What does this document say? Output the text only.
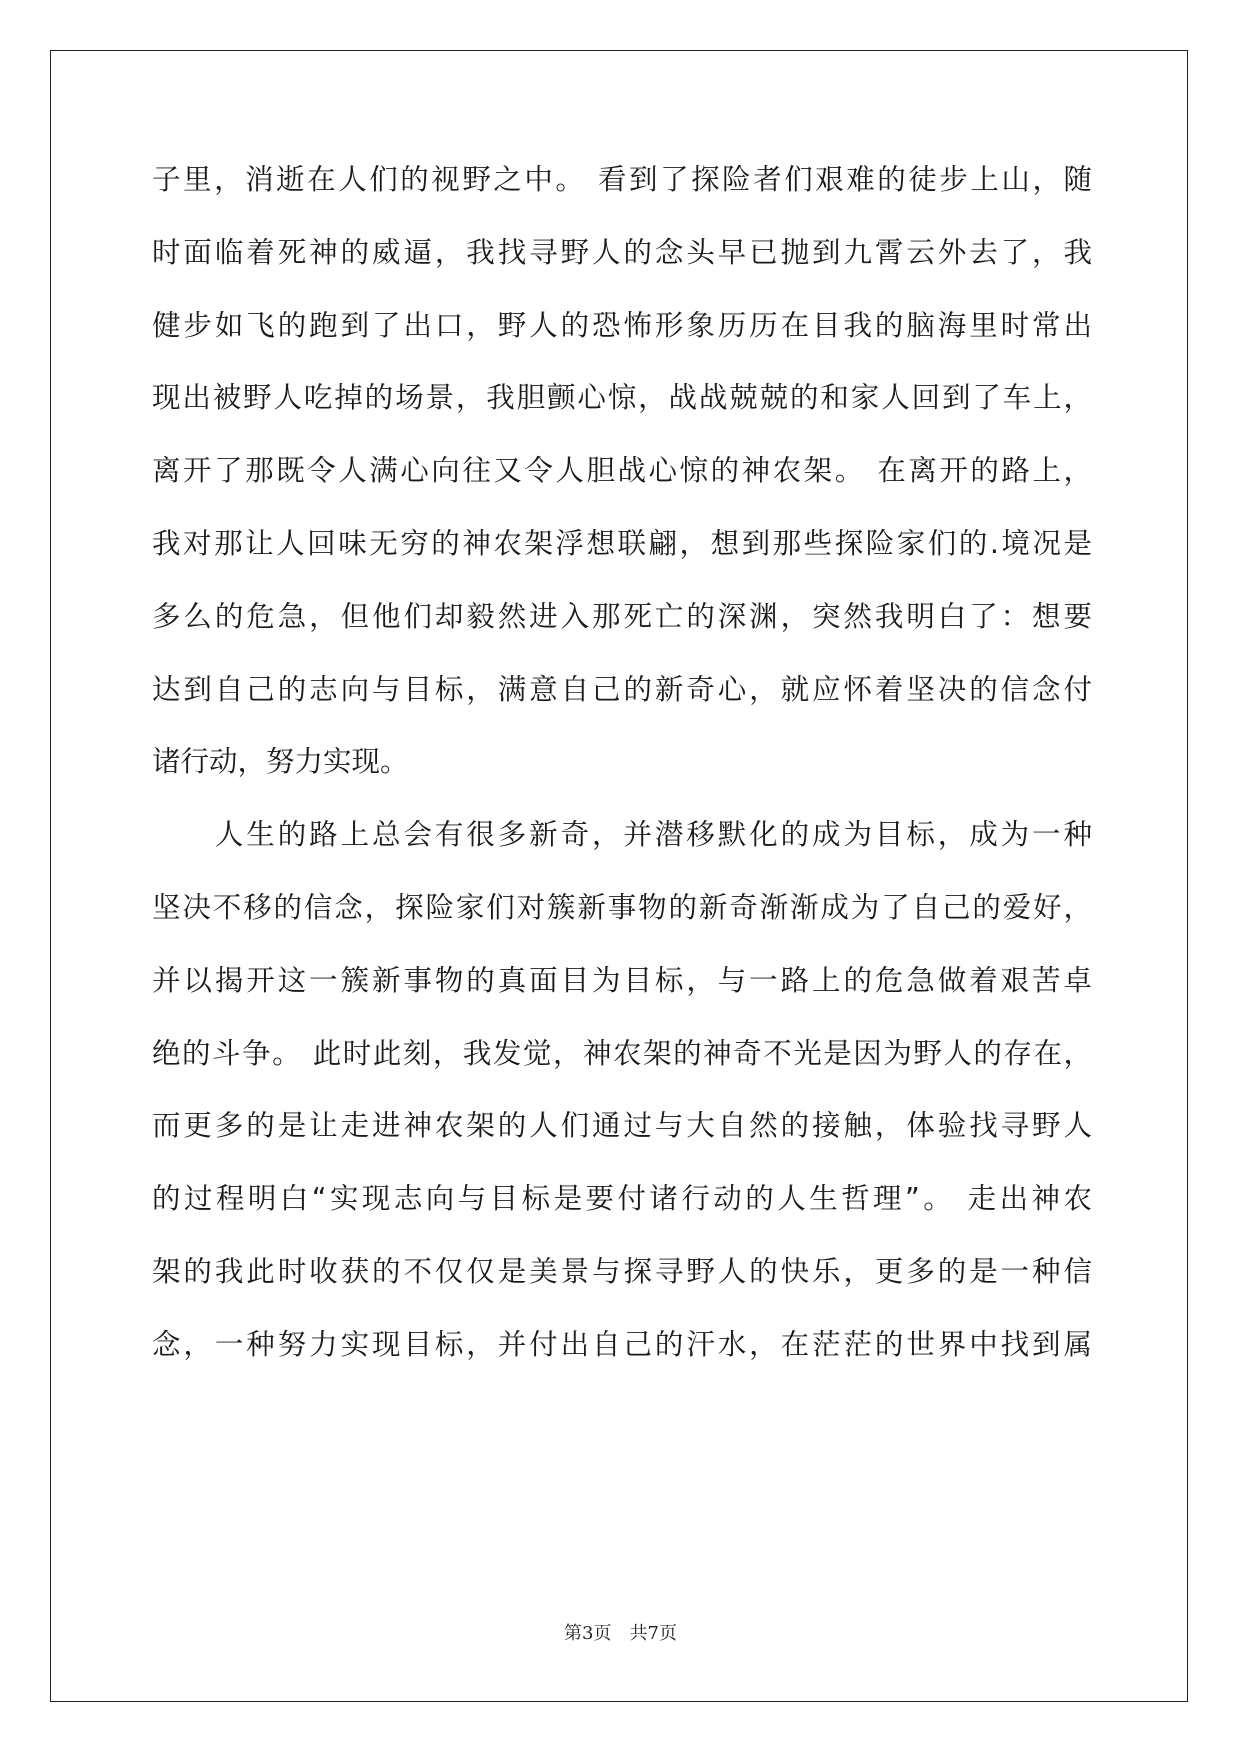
子里，消逝在人们的视野之中。 看到了探险者们艰难的徒步上山，随
时面临着死神的威逼，我找寻野人的念头早已抛到九霄云外去了，我
健步如飞的跑到了出口，野人的恐怖形象历历在目我的脑海里时常出
现出被野人吃掉的场景，我胆颤心惊，战战兢兢的和家人回到了车上，
离开了那既令人满心向往又令人胆战心惊的神农架。 在离开的路上，
我对那让人回味无穷的神农架浮想联翩，想到那些探险家们的.境况是
多么的危急，但他们却毅然进入那死亡的深渊，突然我明白了：想要
达到自己的志向与目标，满意自己的新奇心，就应怀着坚决的信念付
诸行动，努力实现。
　　人生的路上总会有很多新奇，并潜移默化的成为目标，成为一种
坚决不移的信念，探险家们对簇新事物的新奇渐渐成为了自己的爱好，
并以揭开这一簇新事物的真面目为目标，与一路上的危急做着艰苦卓
绝的斗争。 此时此刻，我发觉，神农架的神奇不光是因为野人的存在，
而更多的是让走进神农架的人们通过与大自然的接触，体验找寻野人
的过程明白“实现志向与目标是要付诸行动的人生哲理”。 走出神农
架的我此时收获的不仅仅是美景与探寻野人的快乐，更多的是一种信
念，一种努力实现目标，并付出自己的汗水，在茫茫的世界中找到属
第3页　共7页
